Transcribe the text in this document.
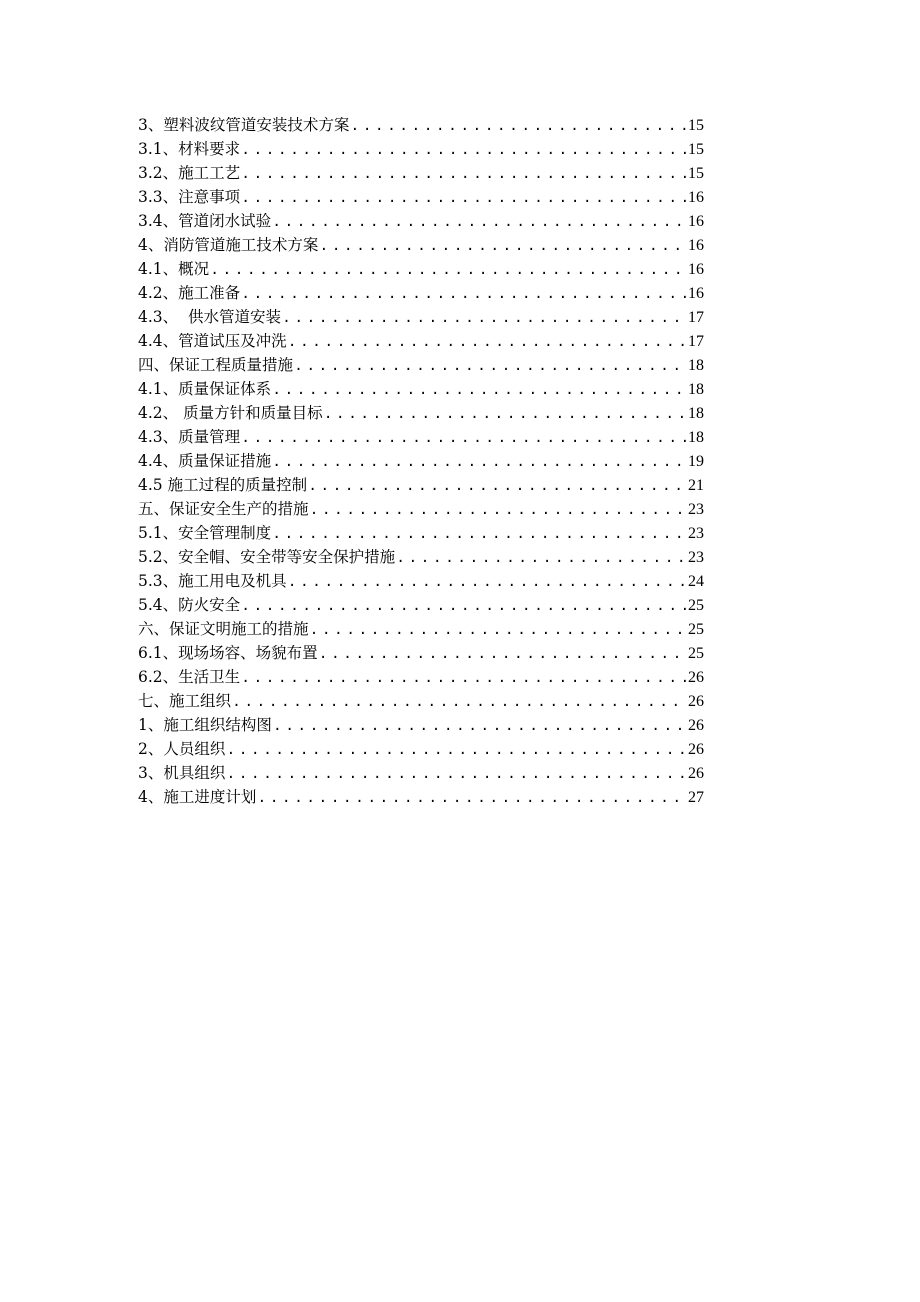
3、塑料波纹管道安装技术方案 .....	15
3.1、材料要求 .....	15
3.2、施工工艺 .....	15
3.3、注意事项 .....	16
3.4、管道闭水试验 .....	16
4、消防管道施工技术方案 .....	16
4.1、概况 .....	16
4.2、施工准备 .....	16
4.3、  供水管道安装 .....	17
4.4、管道试压及冲洗 .....	17
四、保证工程质量措施 .....	18
4.1、质量保证体系 .....	18
4.2、 质量方针和质量目标 .....	18
4.3、质量管理 .....	18
4.4、质量保证措施 .....	19
4.5 施工过程的质量控制 .....	21
五、保证安全生产的措施 .....	23
5.1、安全管理制度 .....	23
5.2、安全帽、安全带等安全保护措施 .....	23
5.3、施工用电及机具 .....	24
5.4、防火安全 .....	25
六、保证文明施工的措施 .....	25
6.1、现场场容、场貌布置 .....	25
6.2、生活卫生 .....	26
七、施工组织 .....	26
1、施工组织结构图 .....	26
2、人员组织 .....	26
3、机具组织 .....	26
4、施工进度计划 .....	27
